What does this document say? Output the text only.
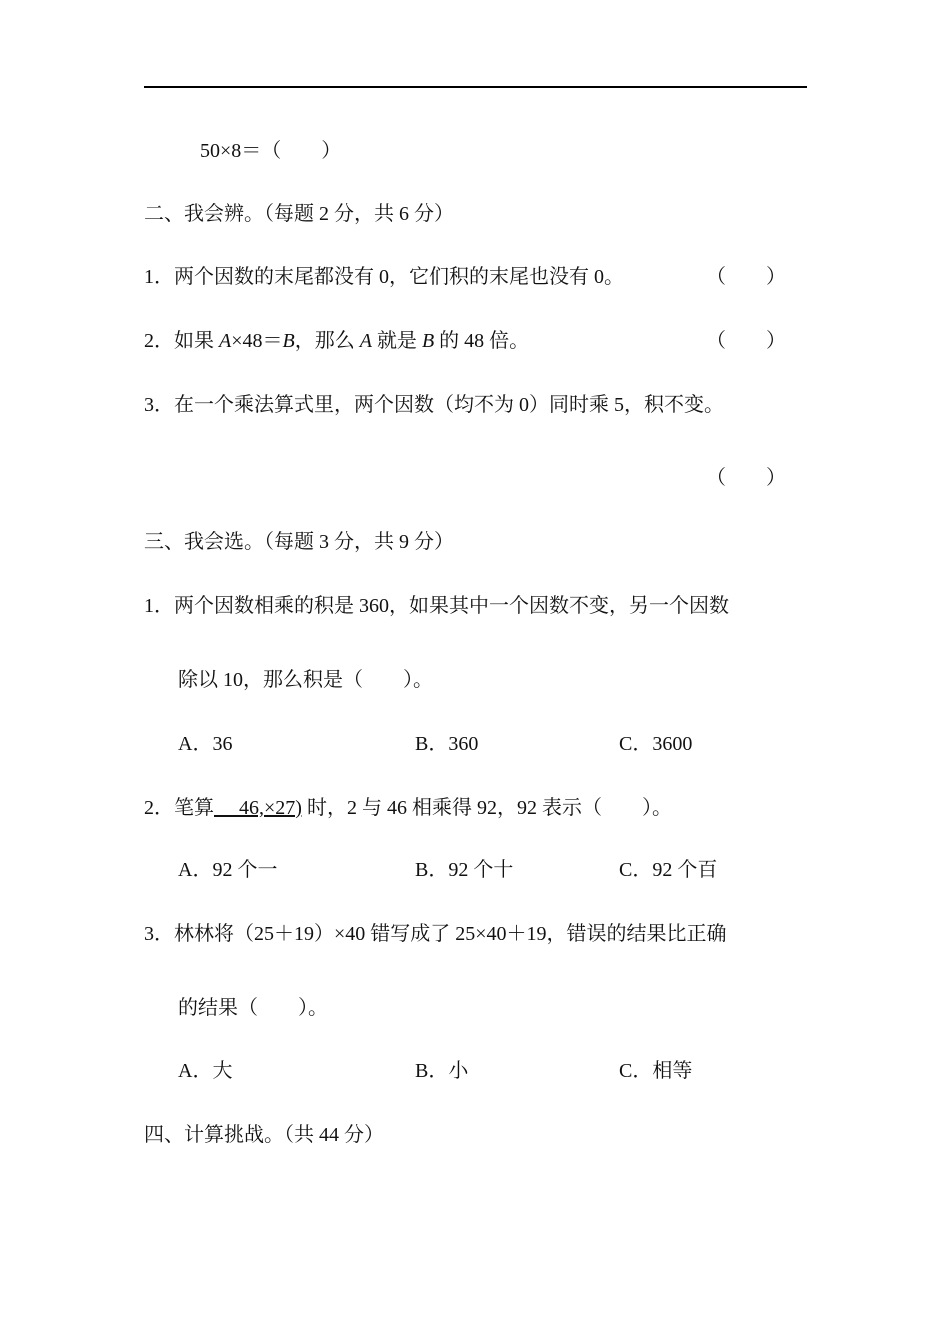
50×8＝（　　）
二、我会辨。（每题 2 分，共 6 分）
1．两个因数的末尾都没有 0，它们积的末尾也没有 0。	（　　）
2．如果 A×48＝B，那么 A 就是 B 的 48 倍。	（　　）
3．在一个乘法算式里，两个因数（均不为 0）同时乘 5，积不变。
（　　）
三、我会选。（每题 3 分，共 9 分）
1．两个因数相乘的积是 360，如果其中一个因数不变，另一个因数
除以 10，那么积是（　　）。
A．36	B．360	C．3600
2．笔算　 46,×27) 时，2 与 46 相乘得 92，92 表示（　　）。
A．92 个一	B．92 个十	C．92 个百
3．林林将（25＋19）×40 错写成了 25×40＋19，错误的结果比正确
的结果（　　）。
A．大	B．小	C．相等
四、计算挑战。（共 44 分）
